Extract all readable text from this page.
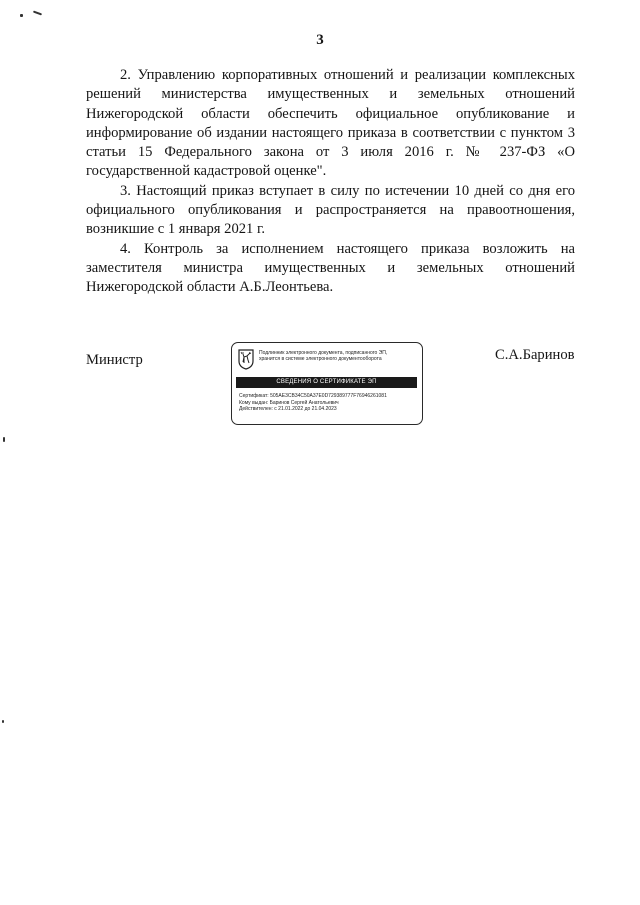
3

2. Управлению корпоративных отношений и реализации комплексных решений министерства имущественных и земельных отношений Нижегородской области обеспечить официальное опубликование и информирование об издании настоящего приказа в соответствии с пунктом 3 статьи 15 Федерального закона от 3 июля 2016 г. № 237-ФЗ «О государственной кадастровой оценке".

3. Настоящий приказ вступает в силу по истечении 10 дней со дня его официального опубликования и распространяется на правоотношения, возникшие с 1 января 2021 г.

4. Контроль за исполнением настоящего приказа возложить на заместителя министра имущественных и земельных отношений Нижегородской области А.Б.Леонтьева.

Министр	Подлинник электронного документа, подписанного ЭП,
хранится в системе электронного документооборота
СВЕДЕНИЯ О СЕРТИФИКАТЕ ЭП
Сертификат: 505AE3CB34C50A37E0D729389777F76946261081
Кому выдан: Баринов Сергей Анатольевич
Действителен: с 21.01.2022 до 21.04.2023
С.А.Баринов
